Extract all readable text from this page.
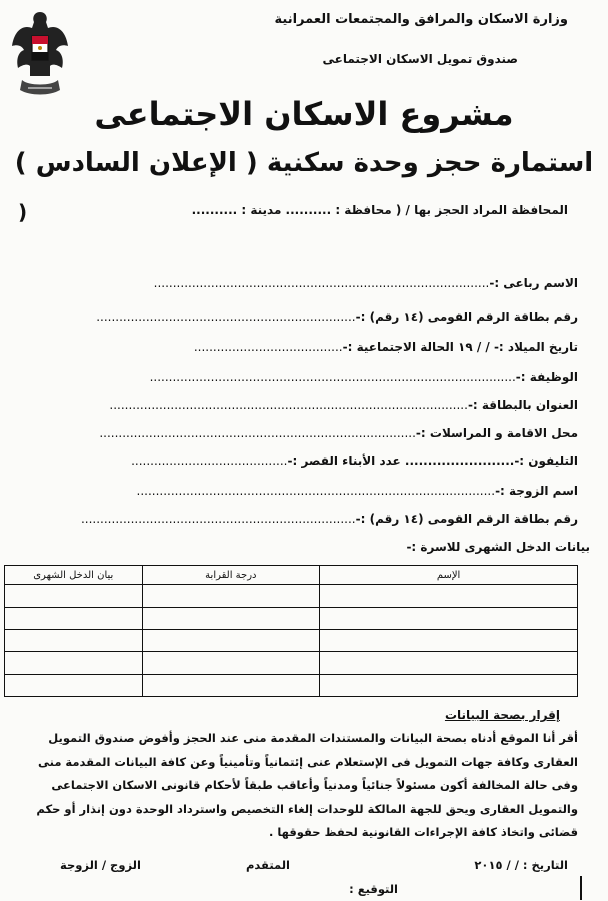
وزارة الاسكان والمرافق والمجتمعات العمرانية
صندوق تمويل الاسكان الاجتماعى
مشروع الاسكان الاجتماعى
استمارة حجز وحدة سكنية ( الإعلان السادس )
المحافظة المراد الحجز بها / ( محافظة : .......... مدينة : ..........
)
الاسم رباعى :-........................................................................................
رقم بطاقة الرقم القومى (١٤ رقم) :-....................................................................
تاريخ الميلاد :- / / ١٩ الحالة الاجتماعية :-.......................................
الوظيفة :-................................................................................................
العنوان بالبطاقة :-..............................................................................................
محل الاقامة و المراسلات :-...................................................................................
التليفون :-........................ عدد الأبناء القصر :-.........................................
اسم الزوجة :-..............................................................................................
رقم بطاقة الرقم القومى (١٤ رقم) :-........................................................................
بيانات الدخل الشهرى للاسرة :-
الإسم	درجة القرابة	بيان الدخل الشهرى

إقرار بصحة البيانات
أقر أنا الموقع أدناه بصحة البيانات والمستندات المقدمة منى عند الحجز وأفوض صندوق التمويل العقارى وكافة جهات التمويل فى الإستعلام عنى إئتمانياً وتأمينياً وعن كافة البيانات المقدمة منى وفى حالة المخالفة أكون مسئولاً جنائياً ومدنياً وأعاقب طبقاً لأحكام قانونى الاسكان الاجتماعى والتمويل العقارى ويحق للجهة المالكة للوحدات إلغاء التخصيص واسترداد الوحدة دون إنذار أو حكم قضائى واتخاذ كافة الإجراءات القانونية لحفظ حقوقها .
التاريخ : / / ٢٠١٥
المتقدم
الزوج / الزوجة
التوقيع :
